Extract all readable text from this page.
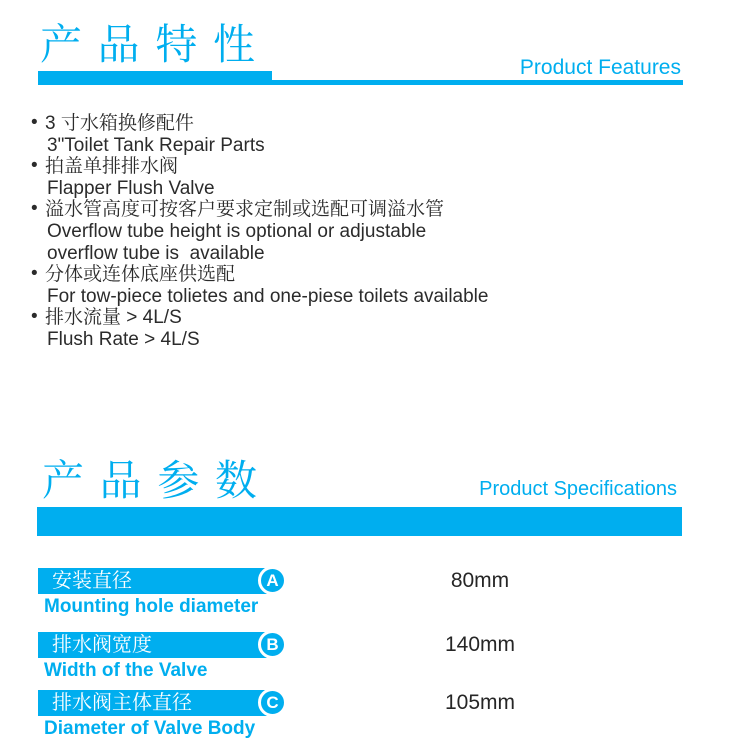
产 品 特 性	Product Features
• 3 寸水箱换修配件
3"Toilet Tank Repair Parts
• 拍盖单排排水阀
Flapper Flush Valve
• 溢水管高度可按客户要求定制或选配可调溢水管
Overflow tube height is optional or adjustable
overflow tube is  available
• 分体或连体底座供选配
For tow-piece tolietes and one-piese toilets available
• 排水流量 > 4L/S
Flush Rate > 4L/S
产 品 参 数	Product Specifications
安装直径	A
Mounting hole diameter
80mm
排水阀宽度	B
Width of the Valve
140mm
排水阀主体直径	C
Diameter of Valve Body
105mm
